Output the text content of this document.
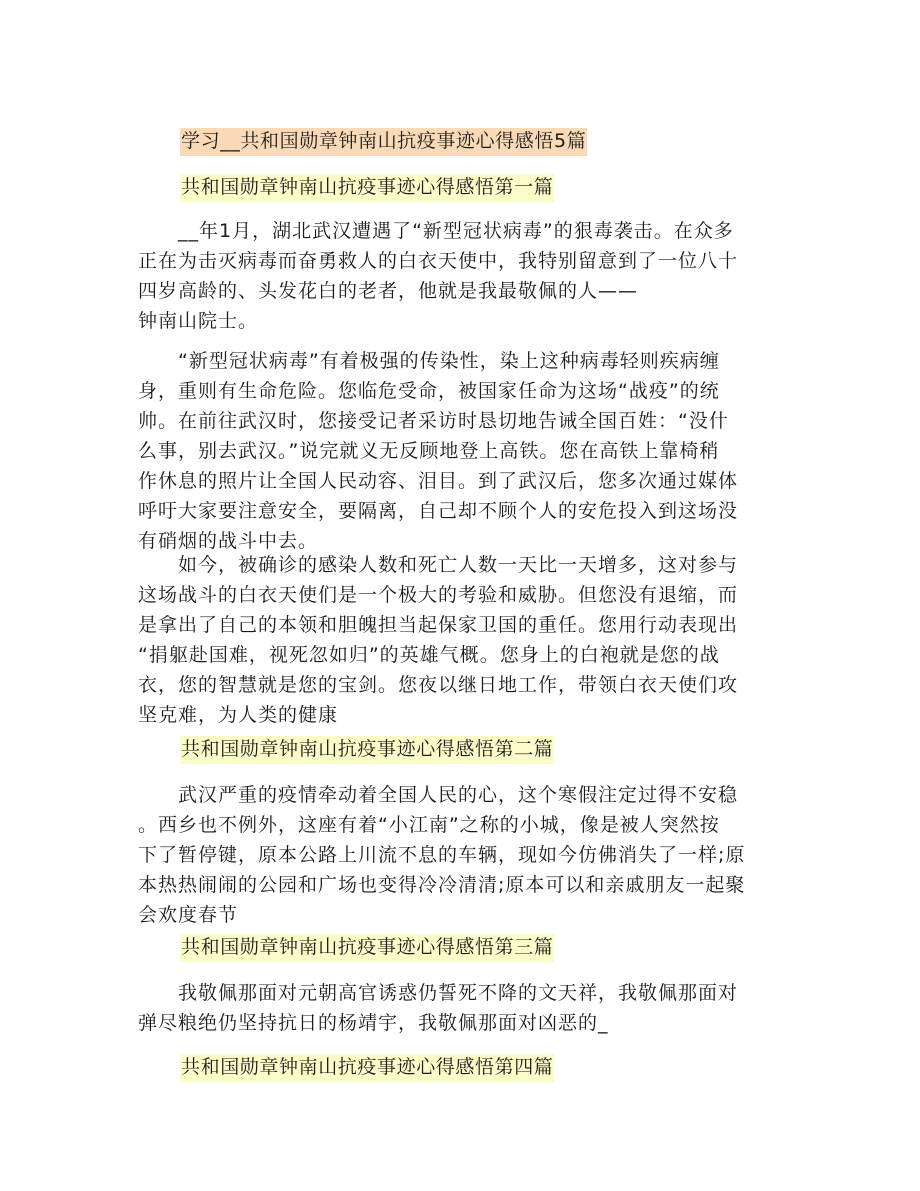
学习__共和国勋章钟南山抗疫事迹心得感悟5篇
共和国勋章钟南山抗疫事迹心得感悟第一篇
　　__年1月，湖北武汉遭遇了“新型冠状病毒”的狠毒袭击。在众多
正在为击灭病毒而奋勇救人的白衣天使中，我特别留意到了一位八十
四岁高龄的、头发花白的老者，他就是我最敬佩的人——
钟南山院士。
　　“新型冠状病毒”有着极强的传染性，染上这种病毒轻则疾病缠
身，重则有生命危险。您临危受命，被国家任命为这场“战疫”的统
帅。在前往武汉时，您接受记者采访时恳切地告诫全国百姓：“没什
么事，别去武汉。”说完就义无反顾地登上高铁。您在高铁上靠椅稍
作休息的照片让全国人民动容、泪目。到了武汉后，您多次通过媒体
呼吁大家要注意安全，要隔离，自己却不顾个人的安危投入到这场没
有硝烟的战斗中去。
　　如今，被确诊的感染人数和死亡人数一天比一天增多，这对参与
这场战斗的白衣天使们是一个极大的考验和威胁。但您没有退缩，而
是拿出了自己的本领和胆魄担当起保家卫国的重任。您用行动表现出
“捐躯赴国难，视死忽如归”的英雄气概。您身上的白袍就是您的战
衣，您的智慧就是您的宝剑。您夜以继日地工作，带领白衣天使们攻
坚克难，为人类的健康
共和国勋章钟南山抗疫事迹心得感悟第二篇
　　武汉严重的疫情牵动着全国人民的心，这个寒假注定过得不安稳
。西乡也不例外，这座有着“小江南”之称的小城，像是被人突然按
下了暂停键，原本公路上川流不息的车辆，现如今仿佛消失了一样;原
本热热闹闹的公园和广场也变得冷冷清清;原本可以和亲戚朋友一起聚
会欢度春节
共和国勋章钟南山抗疫事迹心得感悟第三篇
　　我敬佩那面对元朝高官诱惑仍誓死不降的文天祥，我敬佩那面对
弹尽粮绝仍坚持抗日的杨靖宇，我敬佩那面对凶恶的_
共和国勋章钟南山抗疫事迹心得感悟第四篇
